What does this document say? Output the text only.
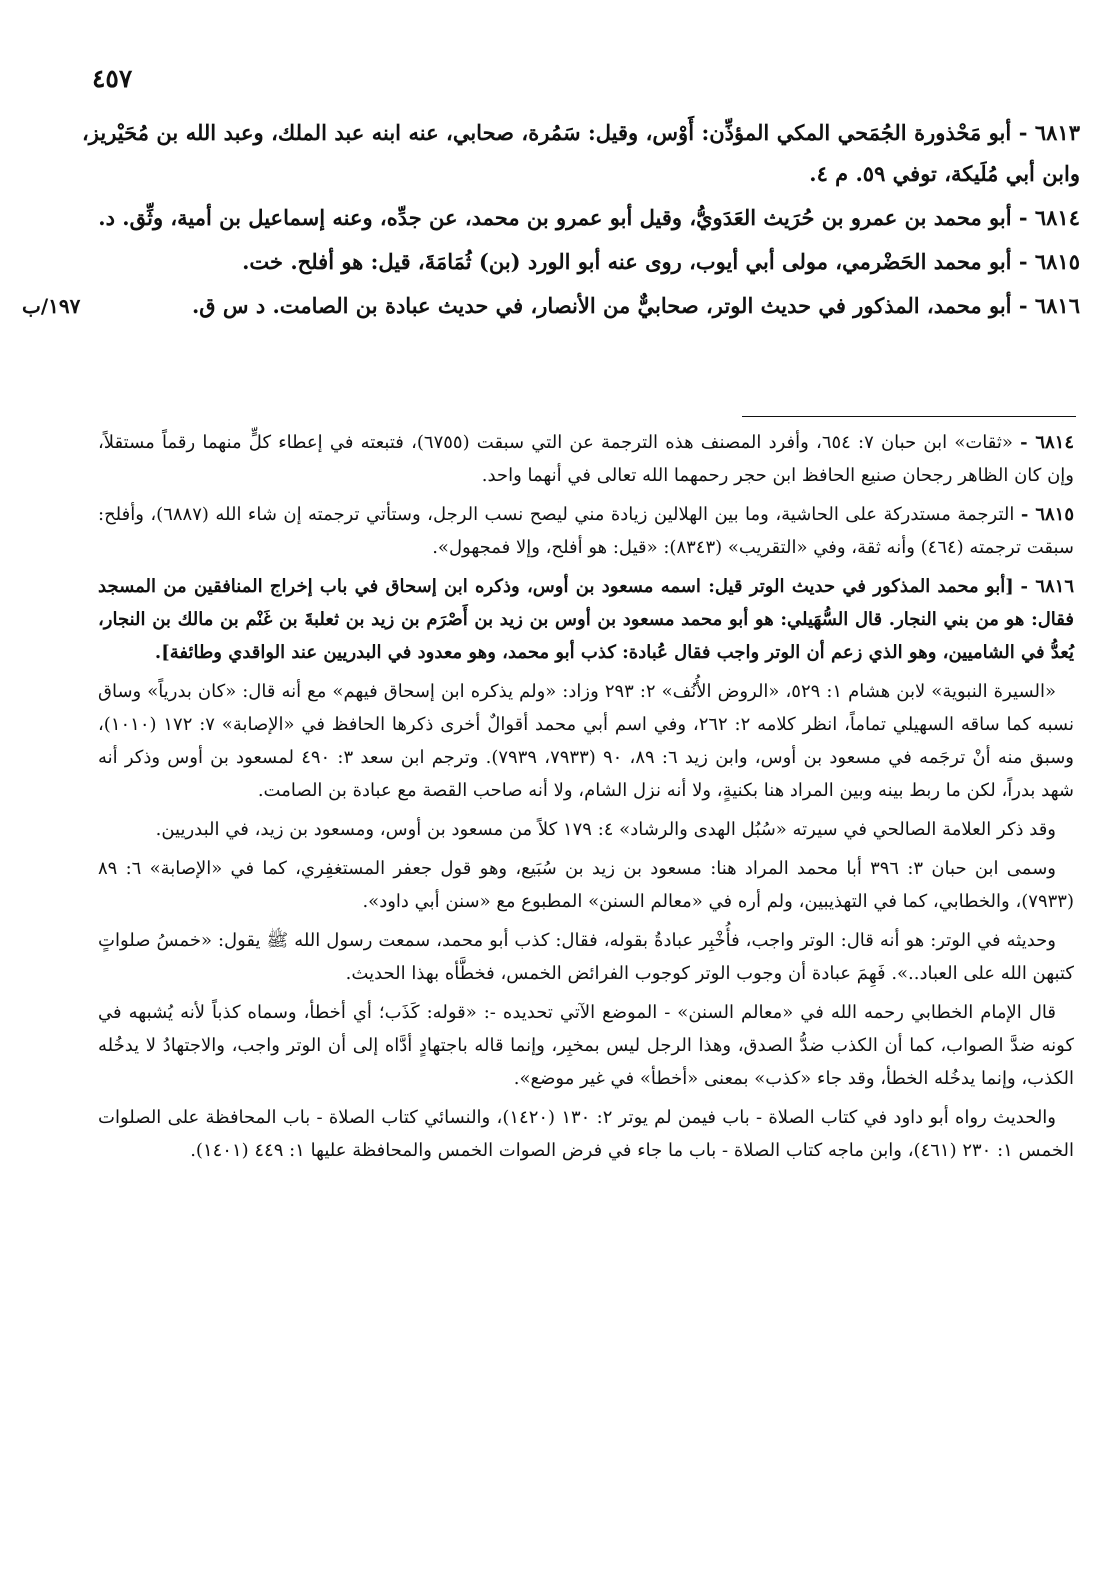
٤٥٧

٦٨١٣ - أبو مَحْذورة الجُمَحي المكي المؤذِّن: أَوْس، وقيل: سَمُرة، صحابي، عنه ابنه عبد الملك، وعبد الله بن مُحَيْريز، وابن أبي مُلَيكة، توفي ٥٩. م ٤.

٦٨١٤ - أبو محمد بن عمرو بن حُرَيث العَدَويُّ، وقيل أبو عمرو بن محمد، عن جدِّه، وعنه إسماعيل بن أمية، وثِّق. د.

٦٨١٥ - أبو محمد الحَضْرمي، مولى أبي أيوب، روى عنه أبو الورد (بن) ثُمَامَةَ، قيل: هو أفلح. خت.

٦٨١٦ - أبو محمد، المذكور في حديث الوتر، صحابيٌّ من الأنصار، في حديث عبادة بن الصامت. د س ق.

١٩٧/ب

٦٨١٤ - «ثقات» ابن حبان ٧: ٦٥٤، وأفرد المصنف هذه الترجمة عن التي سبقت (٦٧٥٥)، فتبعته في إعطاء كلٍّ منهما رقماً مستقلاً، وإن كان الظاهر رجحان صنيع الحافظ ابن حجر رحمهما الله تعالى في أنهما واحد.

٦٨١٥ - الترجمة مستدركة على الحاشية، وما بين الهلالين زيادة مني ليصح نسب الرجل، وستأتي ترجمته إن شاء الله (٦٨٨٧)، وأفلح: سبقت ترجمته (٤٦٤) وأنه ثقة، وفي «التقريب» (٨٣٤٣): «قيل: هو أفلح، وإلا فمجهول».

٦٨١٦ - [أبو محمد المذكور في حديث الوتر قيل: اسمه مسعود بن أوس، وذكره ابن إسحاق في باب إخراج المنافقين من المسجد فقال: هو من بني النجار. قال السُّهَيلي: هو أبو محمد مسعود بن أوس بن زيد بن أَصْرَم بن زيد بن ثعلبةَ بن غَنْم بن مالك بن النجار، يُعدُّ في الشاميين، وهو الذي زعم أن الوتر واجب فقال عُبادة: كذب أبو محمد، وهو معدود في البدريين عند الواقدي وطائفة].

«السيرة النبوية» لابن هشام ١: ٥٢٩، «الروض الأُنُف» ٢: ٢٩٣ وزاد: «ولم يذكره ابن إسحاق فيهم» مع أنه قال: «كان بدرياً» وساق نسبه كما ساقه السهيلي تماماً، انظر كلامه ٢: ٢٦٢، وفي اسم أبي محمد أقوالٌ أخرى ذكرها الحافظ في «الإصابة» ٧: ١٧٢ (١٠١٠)، وسبق منه أنْ ترجَمه في مسعود بن أوس، وابن زيد ٦: ٨٩، ٩٠ (٧٩٣٣، ٧٩٣٩). وترجم ابن سعد ٣: ٤٩٠ لمسعود بن أوس وذكر أنه شهد بدراً، لكن ما ربط بينه وبين المراد هنا بكنيةٍ، ولا أنه نزل الشام، ولا أنه صاحب القصة مع عبادة بن الصامت.

وقد ذكر العلامة الصالحي في سيرته «سُبُل الهدى والرشاد» ٤: ١٧٩ كلاً من مسعود بن أوس، ومسعود بن زيد، في البدريين.

وسمى ابن حبان ٣: ٣٩٦ أبا محمد المراد هنا: مسعود بن زيد بن سُبَيع، وهو قول جعفر المستغفِري، كما في «الإصابة» ٦: ٨٩ (٧٩٣٣)، والخطابي، كما في التهذيبين، ولم أره في «معالم السنن» المطبوع مع «سنن أبي داود».

وحديثه في الوتر: هو أنه قال: الوتر واجب، فأُخْبِر عبادةُ بقوله، فقال: كذب أبو محمد، سمعت رسول الله ﷺ يقول: «خمسُ صلواتٍ كتبهن الله على العباد..». فَهِمَ عبادة أن وجوب الوتر كوجوب الفرائض الخمس، فخطَّأه بهذا الحديث.

قال الإمام الخطابي رحمه الله في «معالم السنن» - الموضع الآتي تحديده -: «قوله: كَذَب؛ أي أخطأ، وسماه كذباً لأنه يُشبهه في كونه ضدَّ الصواب، كما أن الكذب ضدُّ الصدق، وهذا الرجل ليس بمخبِر، وإنما قاله باجتهادٍ أدَّاه إلى أن الوتر واجب، والاجتهادُ لا يدخُله الكذب، وإنما يدخُله الخطأ، وقد جاء «كذب» بمعنى «أخطأ» في غير موضع».

والحديث رواه أبو داود في كتاب الصلاة - باب فيمن لم يوتر ٢: ١٣٠ (١٤٢٠)، والنسائي كتاب الصلاة - باب المحافظة على الصلوات الخمس ١: ٢٣٠ (٤٦١)، وابن ماجه كتاب الصلاة - باب ما جاء في فرض الصوات الخمس والمحافظة عليها ١: ٤٤٩ (١٤٠١).
